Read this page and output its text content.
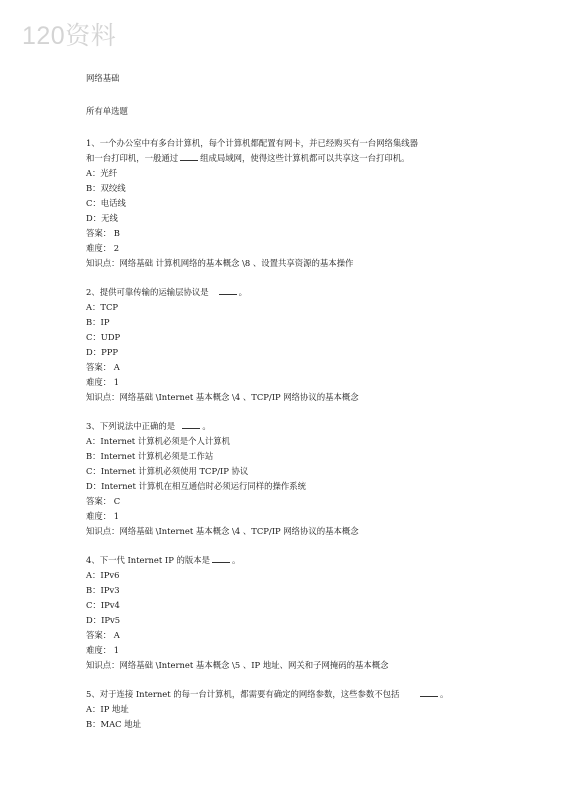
120资料
网络基础
所有单选题
1、一个办公室中有多台计算机，每个计算机都配置有网卡，并已经购买有一台网络集线器
和一台打印机，一般通过	组成局域网，使得这些计算机都可以共享这一台打印机。
A：光纤
B：双绞线
C：电话线
D：无线
答案： B
难度： 2
知识点：网络基础 计算机网络的基本概念 \8 、设置共享资源的基本操作
2、提供可靠传输的运输层协议是	。
A：TCP
B：IP
C：UDP
D：PPP
答案： A
难度： 1
知识点：网络基础 \Internet 基本概念 \4 、TCP/IP 网络协议的基本概念
3、下列说法中正确的是	。
A：Internet 计算机必须是个人计算机
B：Internet 计算机必须是工作站
C：Internet 计算机必须使用 TCP/IP 协议
D：Internet 计算机在相互通信时必须运行同样的操作系统
答案： C
难度： 1
知识点：网络基础 \Internet 基本概念 \4 、TCP/IP 网络协议的基本概念
4、下一代 Internet IP 的版本是	。
A：IPv6
B：IPv3
C：IPv4
D：IPv5
答案： A
难度： 1
知识点：网络基础 \Internet 基本概念 \5 、IP 地址、网关和子网掩码的基本概念
5、对于连接 Internet 的每一台计算机，都需要有确定的网络参数，这些参数不包括	。
A：IP 地址
B：MAC 地址
